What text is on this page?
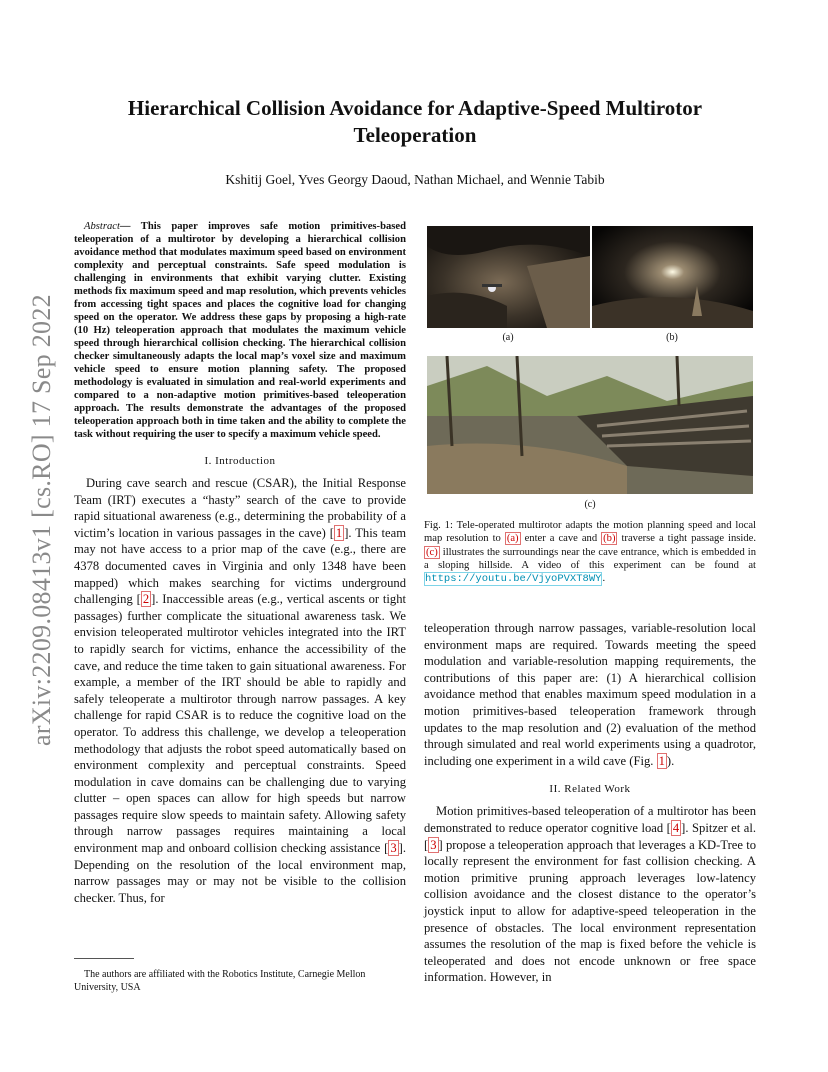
arXiv:2209.08413v1 [cs.RO] 17 Sep 2022
Hierarchical Collision Avoidance for Adaptive-Speed Multirotor Teleoperation
Kshitij Goel, Yves Georgy Daoud, Nathan Michael, and Wennie Tabib

Abstract— This paper improves safe motion primitives-based teleoperation of a multirotor by developing a hierarchical collision avoidance method that modulates maximum speed based on environment complexity and perceptual constraints. Safe speed modulation is challenging in environments that exhibit varying clutter. Existing methods fix maximum speed and map resolution, which prevents vehicles from accessing tight spaces and places the cognitive load for changing speed on the operator. We address these gaps by proposing a high-rate (10 Hz) teleoperation approach that modulates the maximum vehicle speed through hierarchical collision checking. The hierarchical collision checker simultaneously adapts the local map’s voxel size and maximum vehicle speed to ensure motion planning safety. The proposed methodology is evaluated in simulation and real-world experiments and compared to a non-adaptive motion primitives-based teleoperation approach. The results demonstrate the advantages of the proposed teleoperation approach both in time taken and the ability to complete the task without requiring the user to specify a maximum vehicle speed.

I. Introduction

During cave search and rescue (CSAR), the Initial Response Team (IRT) executes a “hasty” search of the cave to provide rapid situational awareness (e.g., determining the probability of a victim’s location in various passages in the cave) [ 1 ]. This team may not have access to a prior map of the cave (e.g., there are 4378 documented caves in Virginia and only 1348 have been mapped) which makes searching for victims underground challenging [ 2 ]. Inaccessible areas (e.g., vertical ascents or tight passages) further complicate the situational awareness task. We envision teleoperated multirotor vehicles integrated into the IRT to rapidly search for victims, enhance the accessibility of the cave, and reduce the time taken to gain situational awareness. For example, a member of the IRT should be able to rapidly and safely teleoperate a multirotor through narrow passages. A key challenge for rapid CSAR is to reduce the cognitive load on the operator. To address this challenge, we develop a teleoperation methodology that adjusts the robot speed automatically based on environment complexity and perceptual constraints. Speed modulation in cave domains can be challenging due to varying clutter – open spaces can allow for high speeds but narrow passages require slow speeds to maintain safety. Allowing safety through narrow passages requires maintaining a local environment map and onboard collision checking assistance [ 3 ]. Depending on the resolution of the local environment map, narrow passages may or may not be visible to the collision checker. Thus, for

The authors are affiliated with the Robotics Institute, Carnegie Mellon University, USA
(a)	(b)
(c)
Fig. 1: Tele-operated multirotor adapts the motion planning speed and local map resolution to (a) enter a cave and (b) traverse a tight passage inside. (c) illustrates the surroundings near the cave entrance, which is embedded in a sloping hillside. A video of this experiment can be found at https://youtu.be/VjyoPVXT8WY.

teleoperation through narrow passages, variable-resolution local environment maps are required. Towards meeting the speed modulation and variable-resolution mapping requirements, the contributions of this paper are: (1) A hierarchical collision avoidance method that enables maximum speed modulation in a motion primitives-based teleoperation framework through updates to the map resolution and (2) evaluation of the method through simulated and real world experiments using a quadrotor, including one experiment in a wild cave (Fig. 1 ).

II. Related Work

Motion primitives-based teleoperation of a multirotor has been demonstrated to reduce operator cognitive load [ 4 ]. Spitzer et al. [ 3 ] propose a teleoperation approach that leverages a KD-Tree to locally represent the environment for fast collision checking. A motion primitive pruning approach leverages low-latency collision avoidance and the closest distance to the operator’s joystick input to allow for adaptive-speed teleoperation in the presence of obstacles. The local environment representation assumes the resolution of the map is fixed before the vehicle is teleoperated and does not encode unknown or free space information. However, in
